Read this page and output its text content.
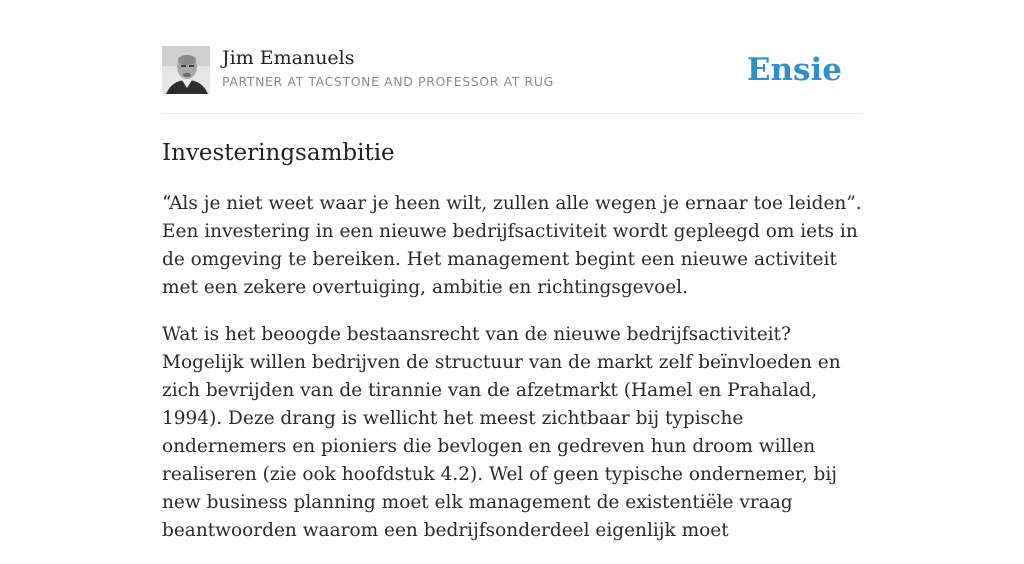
Jim Emanuels
PARTNER AT TACSTONE AND PROFESSOR AT RUG	Ensie
Investeringsambitie

“Als je niet weet waar je heen wilt, zullen alle wegen je ernaar toe leiden”. Een investering in een nieuwe bedrijfsactiviteit wordt gepleegd om iets in de omgeving te bereiken. Het management begint een nieuwe activiteit met een zekere overtuiging, ambitie en richtingsgevoel.

Wat is het beoogde bestaansrecht van de nieuwe bedrijfsactiviteit? Mogelijk willen bedrijven de structuur van de markt zelf beïnvloeden en zich bevrijden van de tirannie van de afzetmarkt (Hamel en Prahalad, 1994). Deze drang is wellicht het meest zichtbaar bij typische ondernemers en pioniers die bevlogen en gedreven hun droom willen realiseren (zie ook hoofdstuk 4.2). Wel of geen typische ondernemer, bij new business planning moet elk management de existentiële vraag beantwoorden waarom een bedrijfsonderdeel eigenlijk moet
